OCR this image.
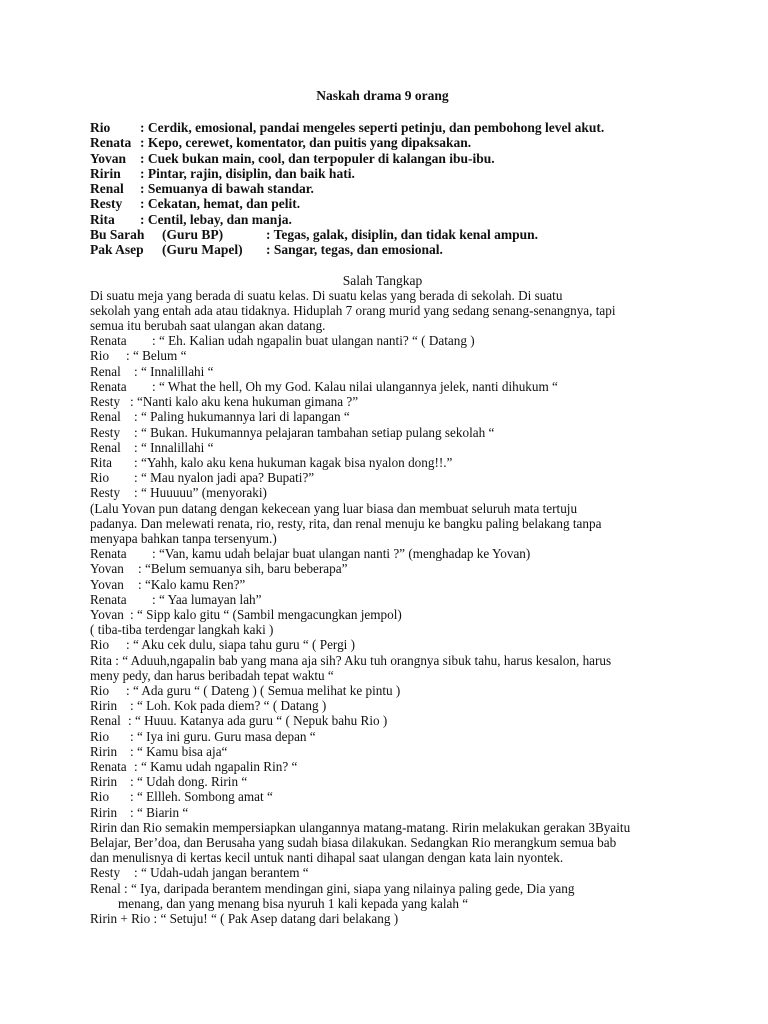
Naskah drama 9 orang
Rio	: Cerdik, emosional, pandai mengeles seperti petinju, dan pembohong level akut.
Renata : Kepo, cerewet, komentator, dan puitis yang dipaksakan.
Yovan	: Cuek bukan main, cool, dan terpopuler di kalangan ibu-ibu.
Ririn	: Pintar, rajin, disiplin, dan baik hati.
Renal	: Semuanya di bawah standar.
Resty	: Cekatan, hemat, dan pelit.
Rita	: Centil, lebay, dan manja.
Bu Sarah	(Guru BP)	: Tegas, galak, disiplin, dan tidak kenal ampun.
Pak Asep	(Guru Mapel)	: Sangar, tegas, dan emosional.
Salah Tangkap
Di suatu meja yang berada di suatu kelas. Di suatu kelas yang berada di sekolah. Di suatu
sekolah yang entah ada atau tidaknya. Hiduplah 7 orang murid yang sedang senang-senangnya, tapi
semua itu berubah saat ulangan akan datang.
Renata : “ Eh. Kalian udah ngapalin buat ulangan nanti? “ ( Datang )
Rio : “ Belum “
Renal : “ Innalillahi “
Renata : “ What the hell, Oh my God. Kalau nilai ulangannya jelek, nanti dihukum “
Resty : “Nanti kalo aku kena hukuman gimana ?”
Renal : “ Paling hukumannya lari di lapangan “
Resty : “ Bukan. Hukumannya pelajaran tambahan setiap pulang sekolah “
Renal : “ Innalillahi “
Rita : “Yahh, kalo aku kena hukuman kagak bisa nyalon dong!!.”
Rio : “ Mau nyalon jadi apa? Bupati?”
Resty : “ Huuuuu” (menyoraki)
(Lalu Yovan pun datang dengan kekecean yang luar biasa dan membuat seluruh mata tertuju
padanya. Dan melewati renata, rio, resty, rita, dan renal menuju ke bangku paling belakang tanpa
menyapa bahkan tanpa tersenyum.)
Renata : “Van, kamu udah belajar buat ulangan nanti ?” (menghadap ke Yovan)
Yovan : “Belum semuanya sih, baru beberapa”
Yovan : “Kalo kamu Ren?”
Renata : “ Yaa lumayan lah”
Yovan : “ Sipp kalo gitu “ (Sambil mengacungkan jempol)
( tiba-tiba terdengar langkah kaki )
Rio : “ Aku cek dulu, siapa tahu guru “ ( Pergi )
Rita : “ Aduuh,ngapalin bab yang mana aja sih? Aku tuh orangnya sibuk tahu, harus kesalon, harus
meny pedy, dan harus beribadah tepat waktu “
Rio : “ Ada guru “ ( Dateng ) ( Semua melihat ke pintu )
Ririn : “ Loh. Kok pada diem? “ ( Datang )
Renal : “ Huuu. Katanya ada guru “ ( Nepuk bahu Rio )
Rio : “ Iya ini guru. Guru masa depan “
Ririn : “ Kamu bisa aja“
Renata : “ Kamu udah ngapalin Rin? “
Ririn : “ Udah dong. Ririn “
Rio : “ Ellleh. Sombong amat “
Ririn : “ Biarin “
Ririn dan Rio semakin mempersiapkan ulangannya matang-matang. Ririn melakukan gerakan 3Byaitu
Belajar, Ber’doa, dan Berusaha yang sudah biasa dilakukan. Sedangkan Rio merangkum semua bab
dan menulisnya di kertas kecil untuk nanti dihapal saat ulangan dengan kata lain nyontek.
Resty : “ Udah-udah jangan berantem “
Renal : “ Iya, daripada berantem mendingan gini, siapa yang nilainya paling gede, Dia yang
menang, dan yang menang bisa nyuruh 1 kali kepada yang kalah “
Ririn + Rio : “ Setuju! “ ( Pak Asep datang dari belakang )
